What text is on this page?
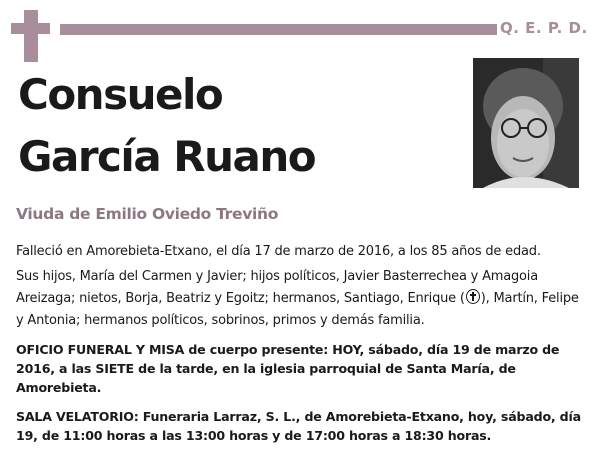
Q. E. P. D.
Consuelo
García Ruano
Viuda de Emilio Oviedo Treviño
Falleció en Amorebieta-Etxano, el día 17 de marzo de 2016, a los 85 años de edad.
Sus hijos, María del Carmen y Javier; hijos políticos, Javier Basterrechea y Amagoia Areizaga; nietos, Borja, Beatriz y Egoitz; hermanos, Santiago, Enrique ( ), Martín, Felipe y Antonia; hermanos políticos, sobrinos, primos y demás familia.
OFICIO FUNERAL Y MISA de cuerpo presente: HOY, sábado, día 19 de marzo de 2016, a las SIETE de la tarde, en la iglesia parroquial de Santa María, de Amorebieta.
SALA VELATORIO: Funeraria Larraz, S. L., de Amorebieta-Etxano, hoy, sábado, día 19, de 11:00 horas a las 13:00 horas y de 17:00 horas a 18:30 horas.
